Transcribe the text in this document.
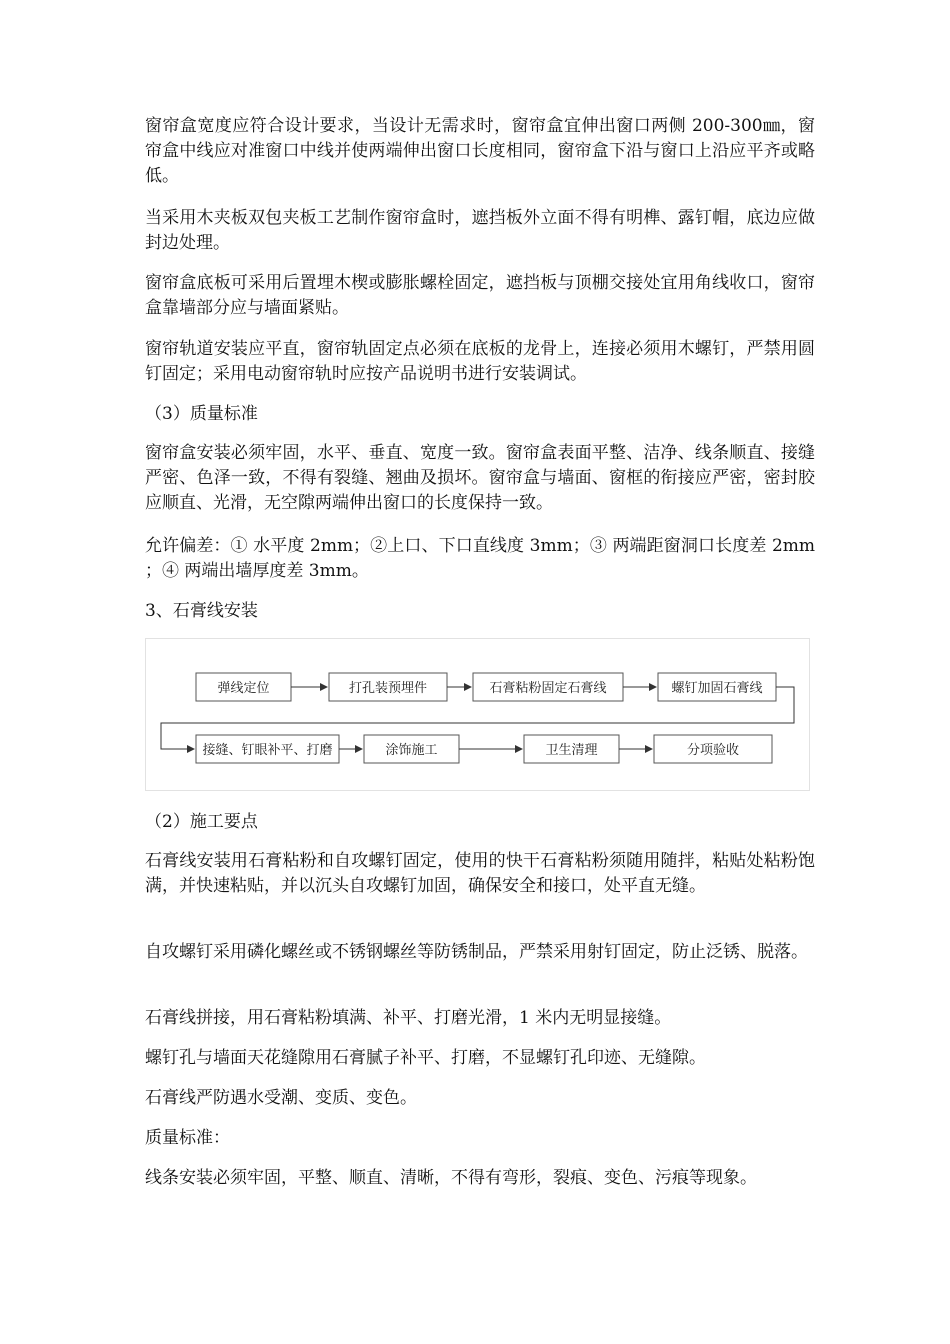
窗帘盒宽度应符合设计要求，当设计无需求时，窗帘盒宜伸出窗口两侧 200-300㎜，窗帘盒中线应对准窗口中线并使两端伸出窗口长度相同，窗帘盒下沿与窗口上沿应平齐或略低。

当采用木夹板双包夹板工艺制作窗帘盒时，遮挡板外立面不得有明榫、露钉帽，底边应做封边处理。

窗帘盒底板可采用后置埋木楔或膨胀螺栓固定，遮挡板与顶棚交接处宜用角线收口，窗帘盒靠墙部分应与墙面紧贴。

窗帘轨道安装应平直，窗帘轨固定点必须在底板的龙骨上，连接必须用木螺钉，严禁用圆钉固定；采用电动窗帘轨时应按产品说明书进行安装调试。

（3）质量标准

窗帘盒安装必须牢固，水平、垂直、宽度一致。窗帘盒表面平整、洁净、线条顺直、接缝严密、色泽一致，不得有裂缝、翘曲及损坏。窗帘盒与墙面、窗框的衔接应严密，密封胶应顺直、光滑，无空隙两端伸出窗口的长度保持一致。

允许偏差：① 水平度 2mm；②上口、下口直线度 3mm；③ 两端距窗洞口长度差 2mm ；④ 两端出墙厚度差 3mm。

3、石膏线安装

弹线定位	打孔装预埋件	石膏粘粉固定石膏线	螺钉加固石膏线
接缝、钉眼补平、打磨	涂饰施工	卫生清理	分项验收

（2）施工要点

石膏线安装用石膏粘粉和自攻螺钉固定，使用的快干石膏粘粉须随用随拌，粘贴处粘粉饱满，并快速粘贴，并以沉头自攻螺钉加固，确保安全和接口，处平直无缝。

自攻螺钉采用磷化螺丝或不锈钢螺丝等防锈制品，严禁采用射钉固定，防止泛锈、脱落。

石膏线拼接，用石膏粘粉填满、补平、打磨光滑，1 米内无明显接缝。

螺钉孔与墙面天花缝隙用石膏腻子补平、打磨，不显螺钉孔印迹、无缝隙。

石膏线严防遇水受潮、变质、变色。

质量标准：

线条安装必须牢固，平整、顺直、清晰，不得有弯形，裂痕、变色、污痕等现象。
